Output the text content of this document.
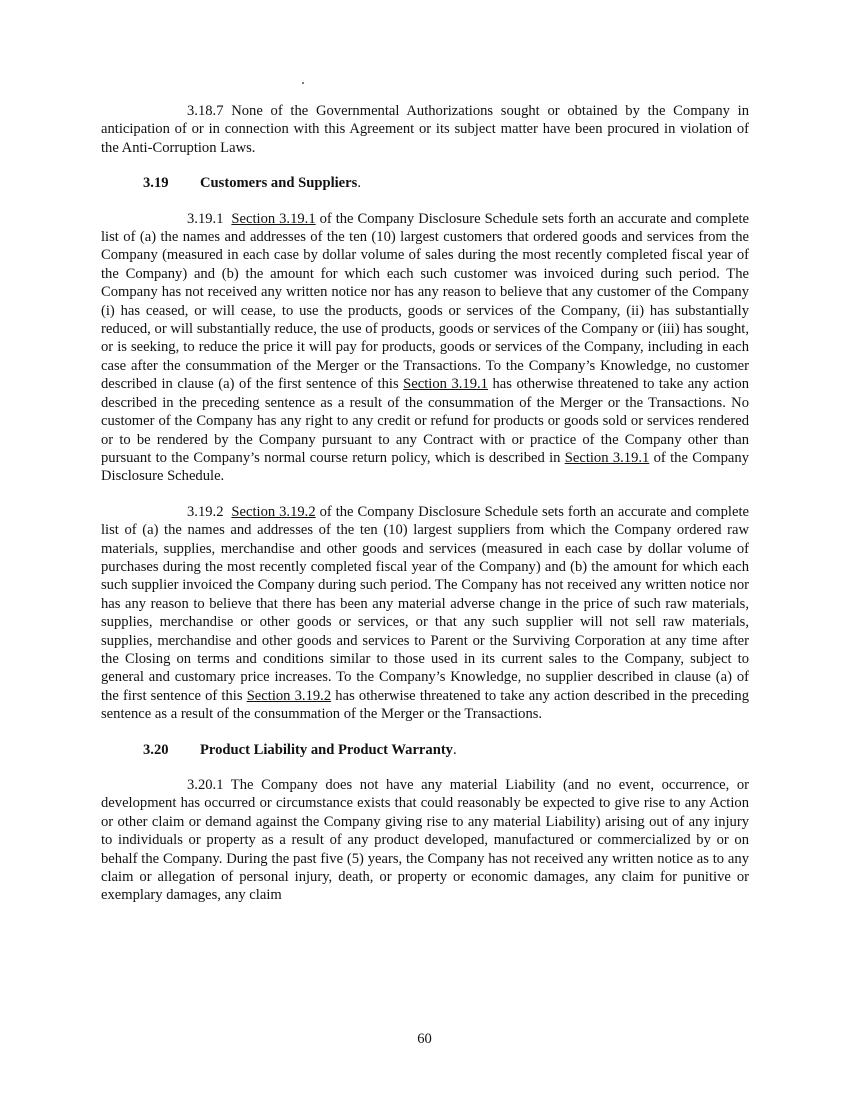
3.18.7 None of the Governmental Authorizations sought or obtained by the Company in anticipation of or in connection with this Agreement or its subject matter have been procured in violation of the Anti-Corruption Laws.

3.19 Customers and Suppliers.

3.19.1 Section 3.19.1 of the Company Disclosure Schedule sets forth an accurate and complete list of (a) the names and addresses of the ten (10) largest customers that ordered goods and services from the Company (measured in each case by dollar volume of sales during the most recently completed fiscal year of the Company) and (b) the amount for which each such customer was invoiced during such period. The Company has not received any written notice nor has any reason to believe that any customer of the Company (i) has ceased, or will cease, to use the products, goods or services of the Company, (ii) has substantially reduced, or will substantially reduce, the use of products, goods or services of the Company or (iii) has sought, or is seeking, to reduce the price it will pay for products, goods or services of the Company, including in each case after the consummation of the Merger or the Transactions. To the Company’s Knowledge, no customer described in clause (a) of the first sentence of this Section 3.19.1 has otherwise threatened to take any action described in the preceding sentence as a result of the consummation of the Merger or the Transactions. No customer of the Company has any right to any credit or refund for products or goods sold or services rendered or to be rendered by the Company pursuant to any Contract with or practice of the Company other than pursuant to the Company’s normal course return policy, which is described in Section 3.19.1 of the Company Disclosure Schedule.

3.19.2 Section 3.19.2 of the Company Disclosure Schedule sets forth an accurate and complete list of (a) the names and addresses of the ten (10) largest suppliers from which the Company ordered raw materials, supplies, merchandise and other goods and services (measured in each case by dollar volume of purchases during the most recently completed fiscal year of the Company) and (b) the amount for which each such supplier invoiced the Company during such period. The Company has not received any written notice nor has any reason to believe that there has been any material adverse change in the price of such raw materials, supplies, merchandise or other goods or services, or that any such supplier will not sell raw materials, supplies, merchandise and other goods and services to Parent or the Surviving Corporation at any time after the Closing on terms and conditions similar to those used in its current sales to the Company, subject to general and customary price increases. To the Company’s Knowledge, no supplier described in clause (a) of the first sentence of this Section 3.19.2 has otherwise threatened to take any action described in the preceding sentence as a result of the consummation of the Merger or the Transactions.

3.20 Product Liability and Product Warranty.

3.20.1 The Company does not have any material Liability (and no event, occurrence, or development has occurred or circumstance exists that could reasonably be expected to give rise to any Action or other claim or demand against the Company giving rise to any material Liability) arising out of any injury to individuals or property as a result of any product developed, manufactured or commercialized by or on behalf the Company. During the past five (5) years, the Company has not received any written notice as to any claim or allegation of personal injury, death, or property or economic damages, any claim for punitive or exemplary damages, any claim

60
